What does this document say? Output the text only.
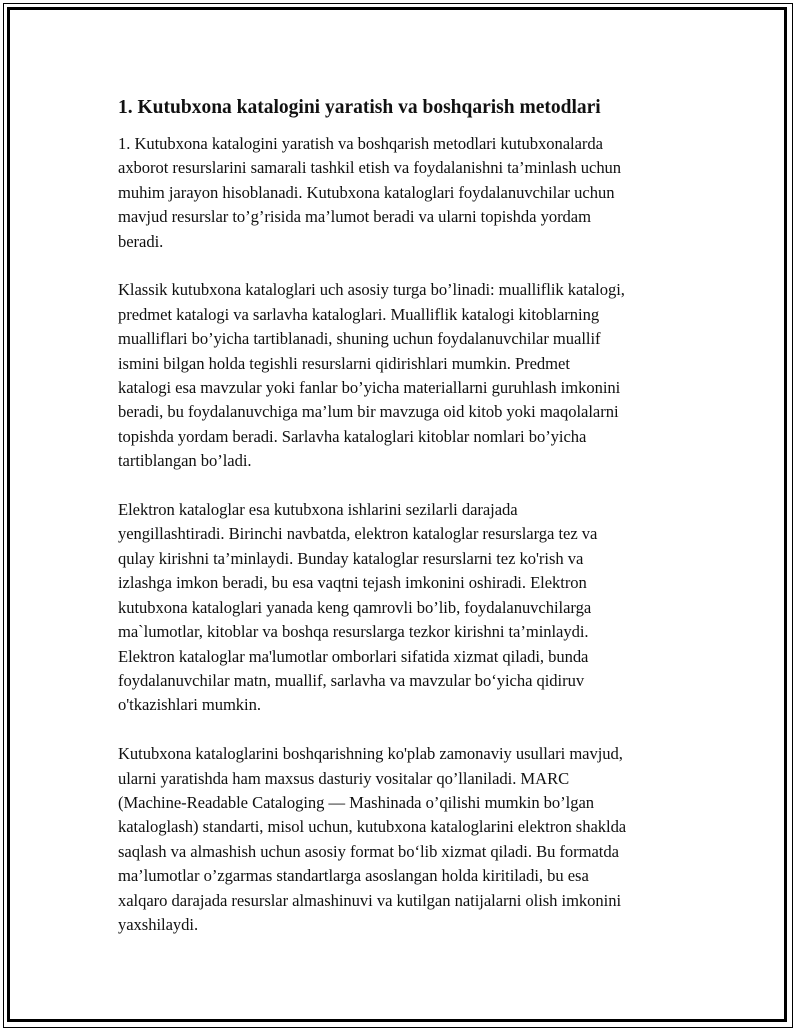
1. Kutubxona katalogini yaratish va boshqarish metodlari

1. Kutubxona katalogini yaratish va boshqarish metodlari kutubxonalarda
axborot resurslarini samarali tashkil etish va foydalanishni ta’minlash uchun
muhim jarayon hisoblanadi. Kutubxona kataloglari foydalanuvchilar uchun
mavjud resurslar to’g’risida ma’lumot beradi va ularni topishda yordam
beradi.

Klassik kutubxona kataloglari uch asosiy turga bo’linadi: mualliflik katalogi,
predmet katalogi va sarlavha kataloglari. Mualliflik katalogi kitoblarning
mualliflari bo’yicha tartiblanadi, shuning uchun foydalanuvchilar muallif
ismini bilgan holda tegishli resurslarni qidirishlari mumkin. Predmet
katalogi esa mavzular yoki fanlar bo’yicha materiallarni guruhlash imkonini
beradi, bu foydalanuvchiga ma’lum bir mavzuga oid kitob yoki maqolalarni
topishda yordam beradi. Sarlavha kataloglari kitoblar nomlari bo’yicha
tartiblangan bo’ladi.

Elektron kataloglar esa kutubxona ishlarini sezilarli darajada
yengillashtiradi. Birinchi navbatda, elektron kataloglar resurslarga tez va
qulay kirishni ta’minlaydi. Bunday kataloglar resurslarni tez ko'rish va
izlashga imkon beradi, bu esa vaqtni tejash imkonini oshiradi. Elektron
kutubxona kataloglari yanada keng qamrovli bo’lib, foydalanuvchilarga
ma`lumotlar, kitoblar va boshqa resurslarga tezkor kirishni ta’minlaydi.
Elektron kataloglar ma'lumotlar omborlari sifatida xizmat qiladi, bunda
foydalanuvchilar matn, muallif, sarlavha va mavzular bo‘yicha qidiruv
o'tkazishlari mumkin.

Kutubxona kataloglarini boshqarishning ko'plab zamonaviy usullari mavjud,
ularni yaratishda ham maxsus dasturiy vositalar qo’llaniladi. MARC
(Machine-Readable Cataloging — Mashinada o’qilishi mumkin bo’lgan
kataloglash) standarti, misol uchun, kutubxona kataloglarini elektron shaklda
saqlash va almashish uchun asosiy format bo‘lib xizmat qiladi. Bu formatda
ma’lumotlar o’zgarmas standartlarga asoslangan holda kiritiladi, bu esa
xalqaro darajada resurslar almashinuvi va kutilgan natijalarni olish imkonini
yaxshilaydi.
